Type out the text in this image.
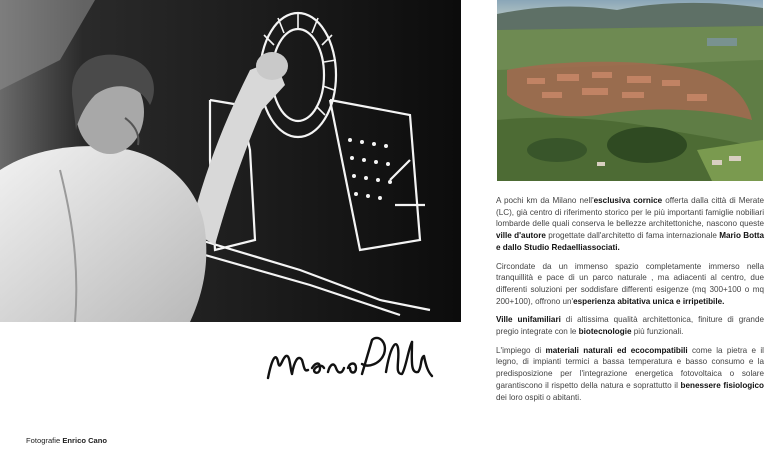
Fotografie Enrico Cano

A pochi km da Milano nell'esclusiva cornice offerta dalla città di Merate (LC), già centro di riferimento storico per le più importanti famiglie nobiliari lombarde delle quali conserva le bellezze architettoniche, nascono queste ville d'autore progettate dall'architetto di fama internazionale Mario Botta e dallo Studio Redaelliassociati.

Circondate da un immenso spazio completamente immerso nella tranquillità e pace di un parco naturale , ma adiacenti al centro, due differenti soluzioni per soddisfare differenti esigenze (mq 300+100 o mq 200+100), offrono un'esperienza abitativa unica e irripetibile.

Ville unifamiliari di altissima qualità architettonica, finiture di grande pregio integrate con le biotecnologie più funzionali.

L'impiego di materiali naturali ed ecocompatibili come la pietra e il legno, di impianti termici a bassa temperatura e basso consumo e la predisposizione per l'integrazione energetica fotovoltaica o solare garantiscono il rispetto della natura e soprattutto il benessere fisiologico dei loro ospiti o abitanti.
